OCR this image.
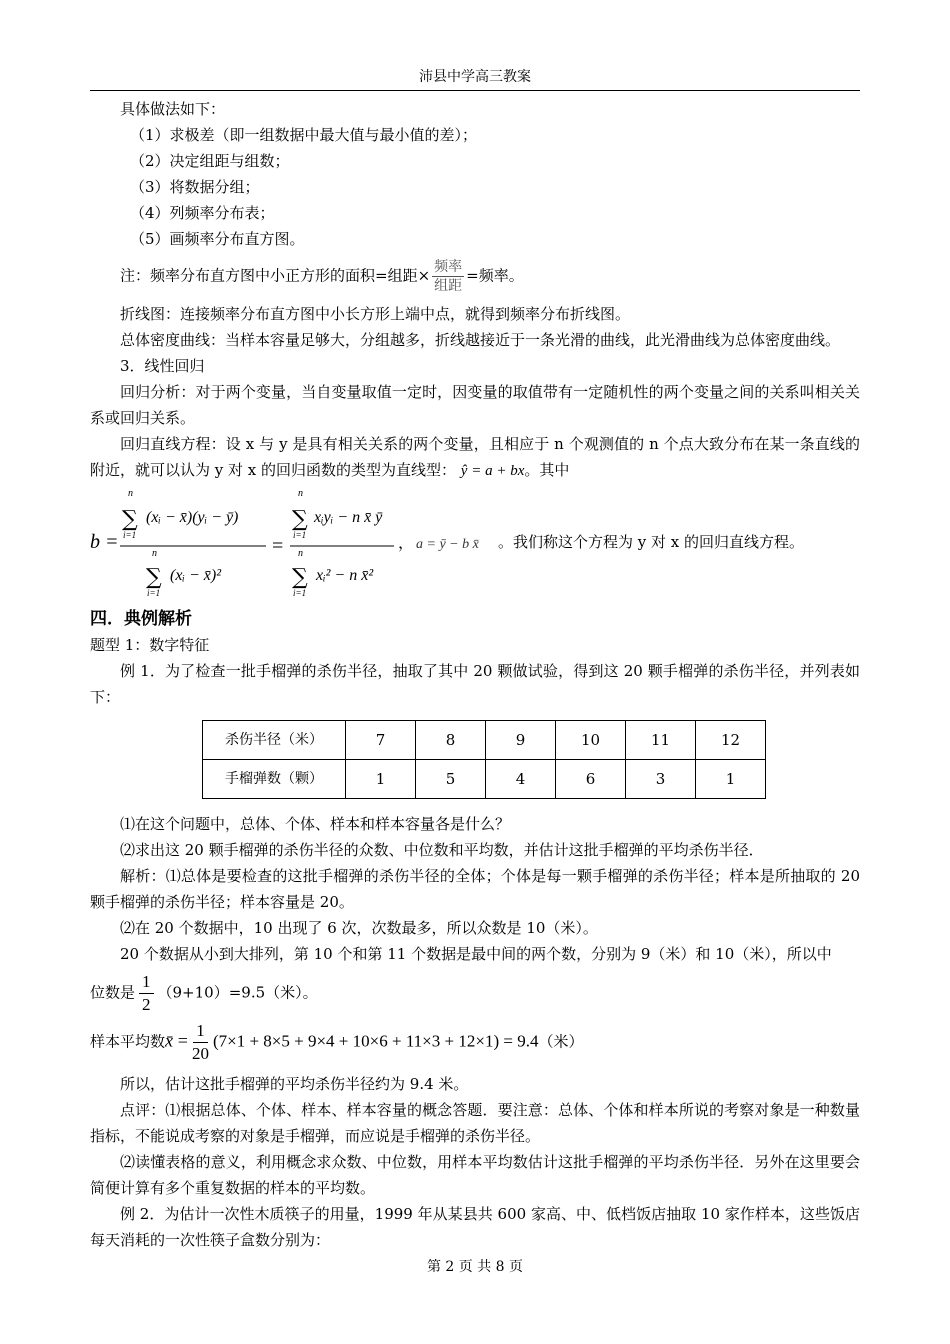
沛县中学高三教案

具体做法如下：

（1）求极差（即一组数据中最大值与最小值的差）；

（2）决定组距与组数；

（3）将数据分组；

（4）列频率分布表；

（5）画频率分布直方图。

注：频率分布直方图中小正方形的面积=组距× $\frac{\text{频率}}{\text{组距}}$ =频率。

折线图：连接频率分布直方图中小长方形上端中点，就得到频率分布折线图。

总体密度曲线：当样本容量足够大，分组越多，折线越接近于一条光滑的曲线，此光滑曲线为总体密度曲线。

3．线性回归

回归分析：对于两个变量，当自变量取值一定时，因变量的取值带有一定随机性的两个变量之间的关系叫相关关系或回归关系。

回归直线方程：设 x 与 y 是具有相关关系的两个变量，且相应于 n 个观测值的 n 个点大致分布在某一条直线的附近，就可以认为 y 对 x 的回归函数的类型为直线型： ŷ = a + bx。其中

b =
n
∑
i=1
(xᵢ − x̄)(yᵢ − ȳ)
n
∑
i=1
(xᵢ − x̄)²
=
n
∑
i=1
xᵢyᵢ − n x̄ ȳ
n
∑
i=1
xᵢ² − n x̄²
， a = ȳ − b x̄ 。我们称这个方程为 y 对 x 的回归直线方程。

四．典例解析

题型 1：数字特征

例 1．为了检查一批手榴弹的杀伤半径，抽取了其中 20 颗做试验，得到这 20 颗手榴弹的杀伤半径，并列表如下：

杀伤半径（米）	7	8	9	10	11	12
手榴弹数（颗）	1	5	4	6	3	1

⑴在这个问题中，总体、个体、样本和样本容量各是什么？

⑵求出这 20 颗手榴弹的杀伤半径的众数、中位数和平均数，并估计这批手榴弹的平均杀伤半径．

解析：⑴总体是要检查的这批手榴弹的杀伤半径的全体；个体是每一颗手榴弹的杀伤半径；样本是所抽取的 20 颗手榴弹的杀伤半径；样本容量是 20。

⑵在 20 个数据中，10 出现了 6 次，次数最多，所以众数是 10（米）。

20 个数据从小到大排列，第 10 个和第 11 个数据是最中间的两个数，分别为 9（米）和 10（米），所以中

位数是 $\frac{1}{2} (9+10)=9.5$（米）。

样本平均数x̄ = $\frac{1}{20} (7\times 1 + 8\times 5 + 9\times 4 + 10\times 6 + 11\times 3 + 12\times 1) = 9.4$（米）

所以，估计这批手榴弹的平均杀伤半径约为 9.4 米。

点评：⑴根据总体、个体、样本、样本容量的概念答题．要注意：总体、个体和样本所说的考察对象是一种数量指标，不能说成考察的对象是手榴弹，而应说是手榴弹的杀伤半径。

⑵读懂表格的意义，利用概念求众数、中位数，用样本平均数估计这批手榴弹的平均杀伤半径．另外在这里要会简便计算有多个重复数据的样本的平均数。

例 2．为估计一次性木质筷子的用量，1999 年从某县共 600 家高、中、低档饭店抽取 10 家作样本，这些饭店每天消耗的一次性筷子盒数分别为：

第 2 页 共 8 页
